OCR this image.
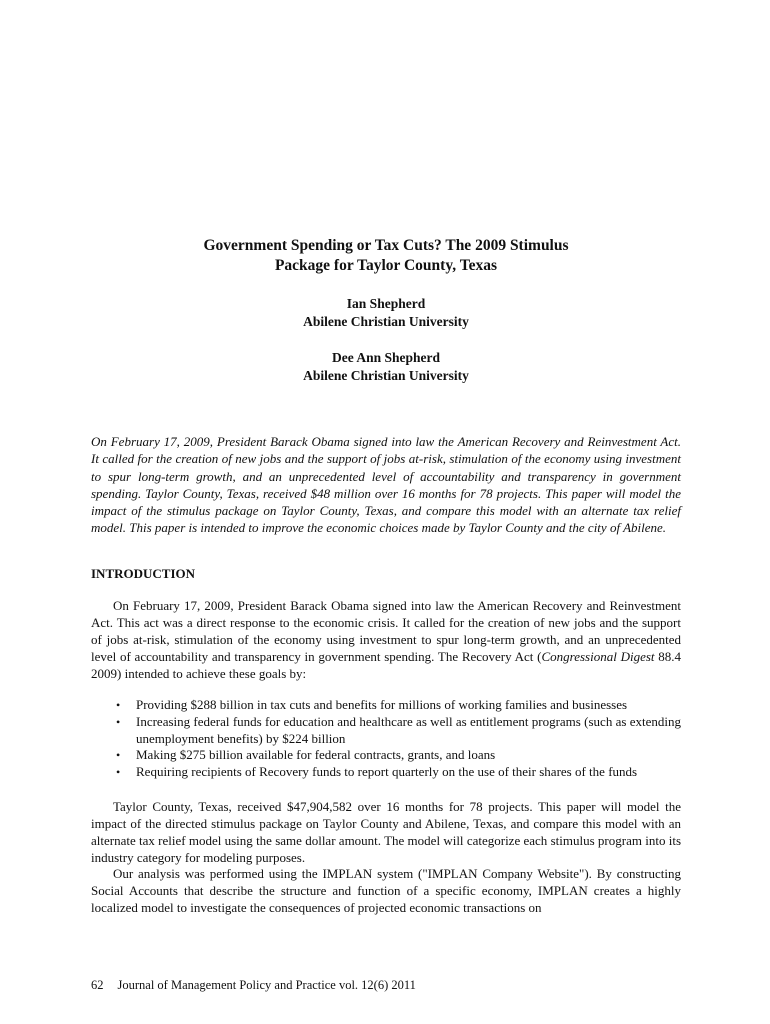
Government Spending or Tax Cuts? The 2009 Stimulus
Package for Taylor County, Texas
Ian Shepherd
Abilene Christian University
Dee Ann Shepherd
Abilene Christian University

On February 17, 2009, President Barack Obama signed into law the American Recovery and Reinvestment Act. It called for the creation of new jobs and the support of jobs at-risk, stimulation of the economy using investment to spur long-term growth, and an unprecedented level of accountability and transparency in government spending. Taylor County, Texas, received $48 million over 16 months for 78 projects. This paper will model the impact of the stimulus package on Taylor County, Texas, and compare this model with an alternate tax relief model. This paper is intended to improve the economic choices made by Taylor County and the city of Abilene.

INTRODUCTION

On February 17, 2009, President Barack Obama signed into law the American Recovery and Reinvestment Act. This act was a direct response to the economic crisis. It called for the creation of new jobs and the support of jobs at-risk, stimulation of the economy using investment to spur long-term growth, and an unprecedented level of accountability and transparency in government spending. The Recovery Act (Congressional Digest 88.4 2009) intended to achieve these goals by:

• Providing $288 billion in tax cuts and benefits for millions of working families and businesses
• Increasing federal funds for education and healthcare as well as entitlement programs (such as extending unemployment benefits) by $224 billion
• Making $275 billion available for federal contracts, grants, and loans
• Requiring recipients of Recovery funds to report quarterly on the use of their shares of the funds

Taylor County, Texas, received $47,904,582 over 16 months for 78 projects. This paper will model the impact of the directed stimulus package on Taylor County and Abilene, Texas, and compare this model with an alternate tax relief model using the same dollar amount. The model will categorize each stimulus program into its industry category for modeling purposes.

Our analysis was performed using the IMPLAN system ("IMPLAN Company Website"). By constructing Social Accounts that describe the structure and function of a specific economy, IMPLAN creates a highly localized model to investigate the consequences of projected economic transactions on

62 Journal of Management Policy and Practice vol. 12(6) 2011
